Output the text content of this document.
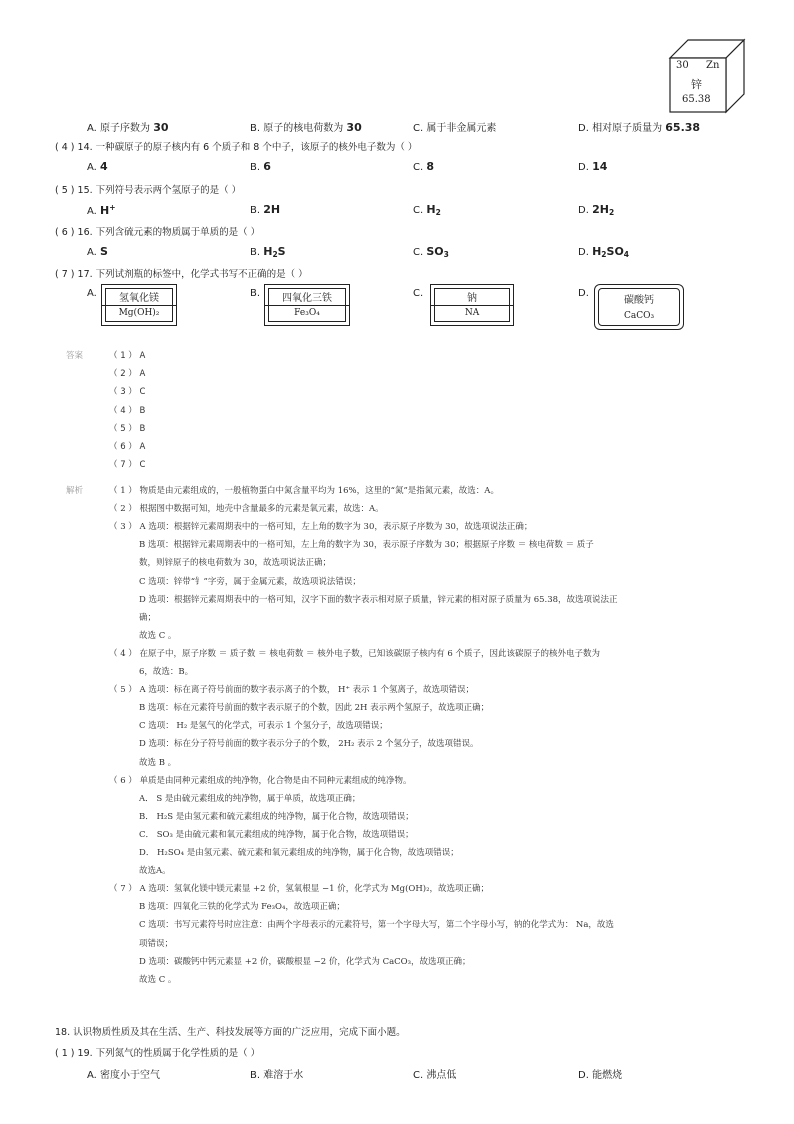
30 Zn
锌
65.38
A. 原子序数为 30	B. 原子的核电荷数为 30	C. 属于非金属元素	D. 相对原子质量为 65.38
( 4 ) 14. 一种碳原子的原子核内有 6 个质子和 8 个中子，该原子的核外电子数为（ ）
A. 4	B. 6	C. 8	D. 14
( 5 ) 15. 下列符号表示两个氢原子的是（ ）
A. H+	B. 2H	C. $H_2$	D. $2H_2$
( 6 ) 16. 下列含硫元素的物质属于单质的是（ ）
A. S	B. $H_2S$	C. $SO_3$	D. $H_2SO_4$
( 7 ) 17. 下列试剂瓶的标签中，化学式书写不正确的是（ ）
A.	氢氧化镁
Mg(OH)₂
B.	四氧化三铁
Fe₃O₄
C.	钠
NA
D.
碳酸钙
CaCO₃
答案	（ 1 ） A
（ 2 ） A
（ 3 ） C
（ 4 ） B
（ 5 ） B
（ 6 ） A
（ 7 ） C
解析	（ 1 ） 物质是由元素组成的，一般植物蛋白中氮含量平均为 16%，这里的“氮”是指氮元素，故选：A。
（ 2 ） 根据图中数据可知，地壳中含量最多的元素是氧元素，故选：A。
（ 3 ） A 选项：根据锌元素周期表中的一格可知，左上角的数字为 30，表示原子序数为 30，故选项说法正确；
B 选项：根据锌元素周期表中的一格可知，左上角的数字为 30，表示原子序数为 30；根据原子序数 ＝ 核电荷数 ＝ 质子
数，则锌原子的核电荷数为 30，故选项说法正确；
C 选项：锌带“钅”字旁，属于金属元素，故选项说法错误；
D 选项：根据锌元素周期表中的一格可知，汉字下面的数字表示相对原子质量，锌元素的相对原子质量为 65.38，故选项说法正
确；
故选 C 。
（ 4 ） 在原子中，原子序数 ＝ 质子数 ＝ 核电荷数 ＝ 核外电子数，已知该碳原子核内有 6 个质子，因此该碳原子的核外电子数为
6，故选：B。
（ 5 ） A 选项：标在离子符号前面的数字表示离子的个数， H⁺ 表示 1 个氢离子，故选项错误；
B 选项：标在元素符号前面的数字表示原子的个数，因此 2H 表示两个氢原子，故选项正确；
C 选项： H₂ 是氢气的化学式，可表示 1 个氢分子，故选项错误；
D 选项：标在分子符号前面的数字表示分子的个数， 2H₂ 表示 2 个氢分子，故选项错误。
故选 B 。
（ 6 ） 单质是由同种元素组成的纯净物，化合物是由不同种元素组成的纯净物。
A． S 是由硫元素组成的纯净物，属于单质，故选项正确；
B． H₂S 是由氢元素和硫元素组成的纯净物，属于化合物，故选项错误；
C． SO₃ 是由硫元素和氧元素组成的纯净物，属于化合物，故选项错误；
D． H₂SO₄ 是由氢元素、硫元素和氧元素组成的纯净物，属于化合物，故选项错误；
故选A。
（ 7 ） A 选项：氢氧化镁中镁元素显 +2 价，氢氧根显 −1 价，化学式为 Mg(OH)₂，故选项正确；
B 选项：四氧化三铁的化学式为 Fe₃O₄，故选项正确；
C 选项：书写元素符号时应注意：由两个字母表示的元素符号，第一个字母大写，第二个字母小写，钠的化学式为： Na，故选
项错误；
D 选项：碳酸钙中钙元素显 +2 价，碳酸根显 −2 价，化学式为 CaCO₃，故选项正确；
故选 C 。
18. 认识物质性质及其在生活、生产、科技发展等方面的广泛应用，完成下面小题。
( 1 ) 19. 下列氮气的性质属于化学性质的是（ ）
A. 密度小于空气	B. 难溶于水	C. 沸点低	D. 能燃烧
